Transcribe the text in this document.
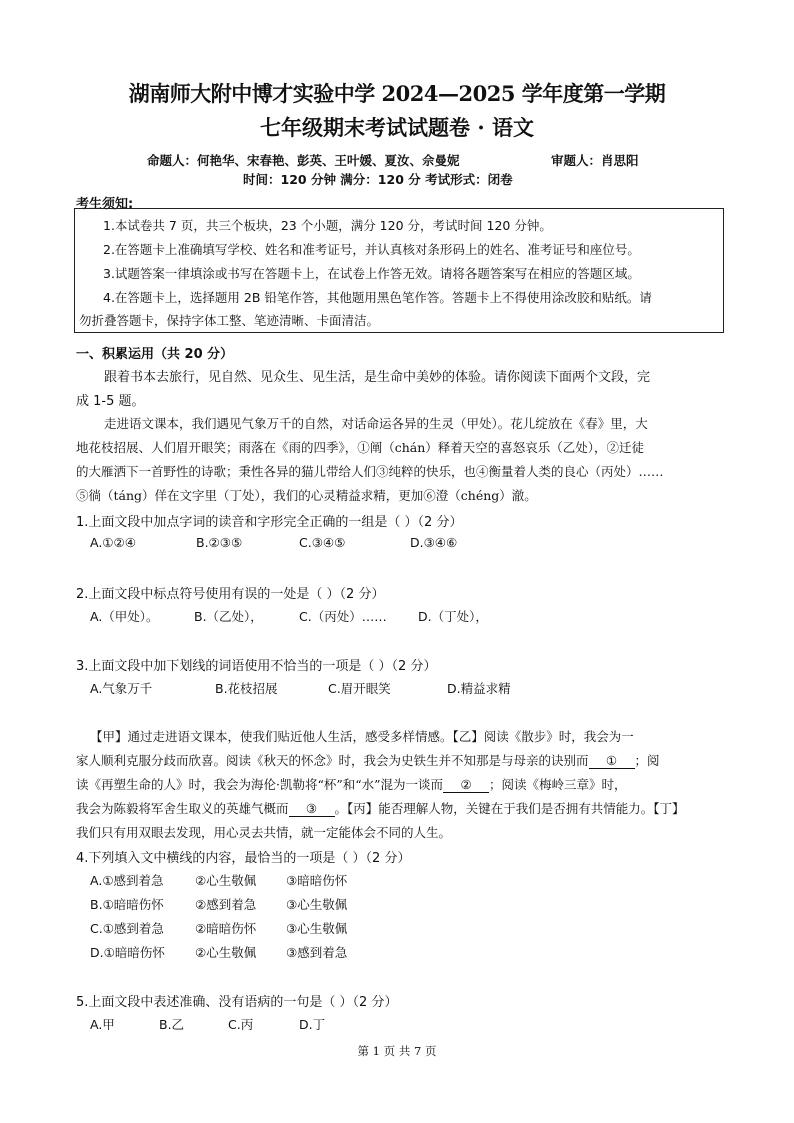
湖南师大附中博才实验中学 2024—2025 学年度第一学期
七年级期末考试试题卷 · 语文
命题人：何艳华、宋春艳、彭英、王叶媛、夏汝、佘曼妮	审题人：肖思阳
时间：120 分钟 满分：120 分 考试形式：闭卷
考生须知:
1.本试卷共 7 页，共三个板块，23 个小题，满分 120 分，考试时间 120 分钟。
2.在答题卡上准确填写学校、姓名和准考证号，并认真核对条形码上的姓名、准考证号和座位号。
3.试题答案一律填涂或书写在答题卡上，在试卷上作答无效。请将各题答案写在相应的答题区域。
4.在答题卡上，选择题用 2B 铅笔作答，其他题用黑色笔作答。答题卡上不得使用涂改胶和贴纸。请
勿折叠答题卡，保持字体工整、笔迹清晰、卡面清洁。
一、积累运用（共 20 分）
跟着书本去旅行，见自然、见众生、见生活，是生命中美妙的体验。请你阅读下面两个文段，完
成 1-5 题。
走进语文课本，我们遇见气象万千的自然，对话命运各异的生灵（甲处）。花儿绽放在《春》里，大
地花枝招展、人们眉开眼笑；雨落在《雨的四季》，①阐（chán）释着天空的喜怒哀乐（乙处），②迁徒
的大雁洒下一首野性的诗歌；秉性各异的猫儿带给人们③纯粹的快乐，也④衡量着人类的良心（丙处）……
⑤徜（táng）佯在文字里（丁处），我们的心灵精益求精，更加⑥澄（chéng）澈。
1.上面文段中加点字词的读音和字形完全正确的一组是（ ）（2 分）
A.①②④	B.②③⑤	C.③④⑤	D.③④⑥
2.上面文段中标点符号使用有误的一处是（ ）（2 分）
A.（甲处）。	B.（乙处），	C.（丙处）……	D.（丁处），
3.上面文段中加下划线的词语使用不恰当的一项是（ ）（2 分）
A.气象万千	B.花枝招展	C.眉开眼笑	D.精益求精
【甲】通过走进语文课本，使我们贴近他人生活，感受多样情感。【乙】阅读《散步》时，我会为一
家人顺利克服分歧而欣喜。阅读《秋天的怀念》时，我会为史铁生并不知那是与母亲的诀别而 ① ；阅
读《再塑生命的人》时，我会为海伦·凯勒将“杯”和“水”混为一谈而 ② ；阅读《梅岭三章》时，
我会为陈毅将军舍生取义的英雄气概而 ③ 。【丙】能否理解人物，关键在于我们是否拥有共情能力。【丁】
我们只有用双眼去发现，用心灵去共情，就一定能体会不同的人生。
4.下列填入文中横线的内容，最恰当的一项是（ ）（2 分）
A.①感到着急	②心生敬佩 ③暗暗伤怀
B.①暗暗伤怀 ②感到着急 ③心生敬佩
C.①感到着急 ②暗暗伤怀 ③心生敬佩
D.①暗暗伤怀 ②心生敬佩 ③感到着急
5.上面文段中表述准确、没有语病的一句是（ ）（2 分）
A.甲	B.乙	C.丙	D.丁
第 1 页 共 7 页
